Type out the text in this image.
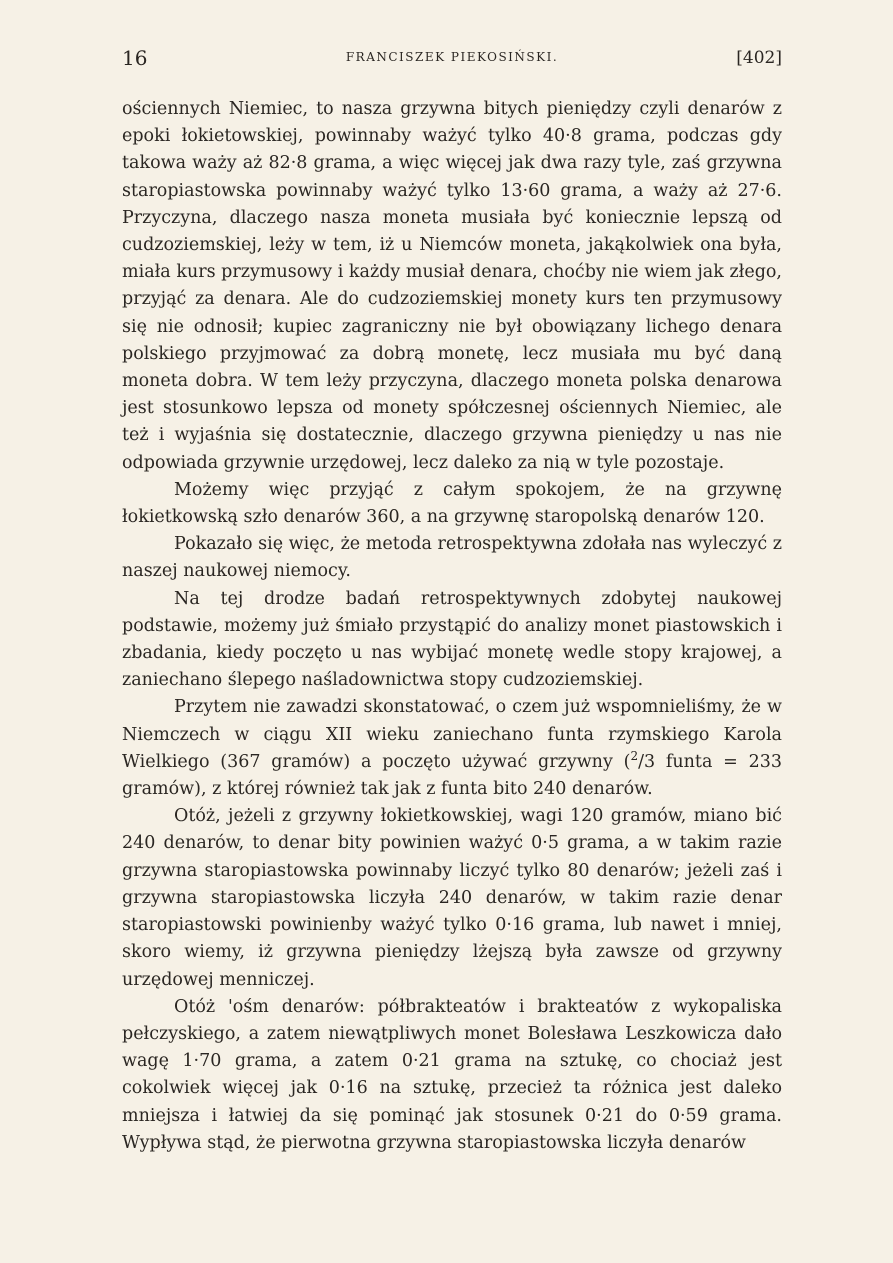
16	FRANCISZEK PIEKOSIŃSKI.	[402]

ościennych Niemiec, to nasza grzywna bitych pieniędzy czyli denarów z epoki łokietowskiej, powinnaby ważyć tylko 40·8 grama, podczas gdy takowa waży aż 82·8 grama, a więc więcej jak dwa razy tyle, zaś grzywna staropiastowska powinnaby ważyć tylko 13·60 grama, a waży aż 27·6. Przyczyna, dlaczego nasza moneta musiała być koniecznie lepszą od cudzoziemskiej, leży w tem, iż u Niemców moneta, jakąkolwiek ona była, miała kurs przymusowy i każdy musiał denara, choćby nie wiem jak złego, przyjąć za denara. Ale do cudzoziemskiej monety kurs ten przymusowy się nie odnosił; kupiec zagraniczny nie był obowiązany lichego denara polskiego przyjmować za dobrą monetę, lecz musiała mu być daną moneta dobra. W tem leży przyczyna, dlaczego moneta polska denarowa jest stosunkowo lepsza od monety spółczesnej ościennych Niemiec, ale też i wyjaśnia się dostatecznie, dlaczego grzywna pieniędzy u nas nie odpowiada grzywnie urzędowej, lecz daleko za nią w tyle pozostaje.

Możemy więc przyjąć z całym spokojem, że na grzywnę łokietkowską szło denarów 360, a na grzywnę staropolską denarów 120.

Pokazało się więc, że metoda retrospektywna zdołała nas wyleczyć z naszej naukowej niemocy.

Na tej drodze badań retrospektywnych zdobytej naukowej podstawie, możemy już śmiało przystąpić do analizy monet piastowskich i zbadania, kiedy poczęto u nas wybijać monetę wedle stopy krajowej, a zaniechano ślepego naśladownictwa stopy cudzoziemskiej.

Przytem nie zawadzi skonstatować, o czem już wspomnieliśmy, że w Niemczech w ciągu XII wieku zaniechano funta rzymskiego Karola Wielkiego (367 gramów) a poczęto używać grzywny ($^2$/3 funta = 233 gramów), z której również tak jak z funta bito 240 denarów.

Otóż, jeżeli z grzywny łokietkowskiej, wagi 120 gramów, miano bić 240 denarów, to denar bity powinien ważyć 0·5 grama, a w takim razie grzywna staropiastowska powinnaby liczyć tylko 80 denarów; jeżeli zaś i grzywna staropiastowska liczyła 240 denarów, w takim razie denar staropiastowski powinienby ważyć tylko 0·16 grama, lub nawet i mniej, skoro wiemy, iż grzywna pieniędzy lżejszą była zawsze od grzywny urzędowej menniczej.

Otóż 'ośm denarów: półbrakteatów i brakteatów z wykopaliska pełczyskiego, a zatem niewątpliwych monet Bolesława Leszkowicza dało wagę 1·70 grama, a zatem 0·21 grama na sztukę, co chociaż jest cokolwiek więcej jak 0·16 na sztukę, przecież ta różnica jest daleko mniejsza i łatwiej da się pominąć jak stosunek 0·21 do 0·59 grama. Wypływa stąd, że pierwotna grzywna staropiastowska liczyła denarów
